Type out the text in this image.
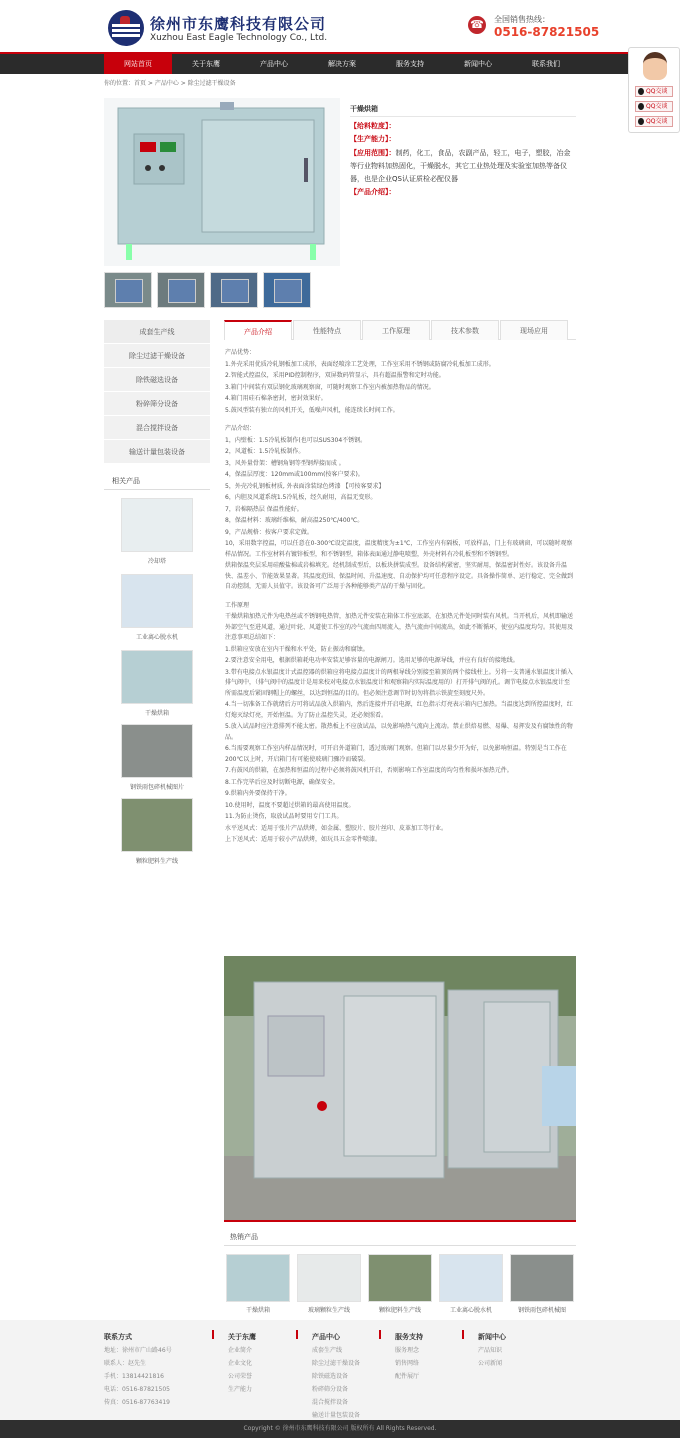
徐州市东鹰科技有限公司
Xuzhou East Eagle Technology Co., Ltd.
☎ 全国销售热线：
0516-87821505
网站首页	关于东鹰	产品中心	解决方案	服务支持	新闻中心	联系我们
QQ交谈
QQ交谈
QQ交谈
你的位置：首页 > 产品中心 > 除尘过滤干燥设备
干燥烘箱
【给料粒度】：
【生产能力】：
【应用范围】：制药，化工，食品，农副产品，轻工，电子，塑胶，冶金等行业物料加热固化，干燥脱水，其它工业热处理及实验室加热等备仪器，也是企业QS认证质检必配仪器
【产品介绍】：
成套生产线
除尘过滤干燥设备
除铁磁选设备
粉碎筛分设备
混合搅拌设备
输送计量包装设备
相关产品
冷却塔
工业离心脱水机
干燥烘箱
钢铁雨包碎机械图片
颗粒肥料生产线
产品介绍	性能特点	工作原理	技术参数	现场应用

产品优势：

1.外壳采用优质冷轧钢板加工成形，表面经喷涂工艺处理，工作室采用不锈钢或防腐冷轧板加工成形。

2.智能式控温仪，采用PID控制程序，双屏数码管显示，具有超温报警和定时功能。

3.箱门中间装有双层钢化玻璃观察窗，可随时观察工作室内被加热物品的情况。

4.箱门用硅石棉条密封，密封效果好。

5.鼓风型装有独立的风机开关，低噪声风机，能连续长时间工作。

产品介绍：

1，内壁板：1.5冷轧板制作(也可以SUS304不锈钢。

2，风道板：1.5冷轧板制作。

3，风外量骨架：槽钢角钢等型钢焊接而成 。

4，保温层厚度：120mm或100mm(按客户要求)。

5，外壳冷轧钢板材质, 外表面涂装绿色烤漆 【可按客要求】

6，内胆及风道系统1.5冷轧板，经久耐用，高温无变形。

7，岩棉隔热层 保温性能好。

8，保温材料：玻璃纤维棉，耐高温250℃/400℃。

9，产品规格：按客户要求定做。

10，采用数字控温，可以任意在0-300℃设定温度，温度精度为±1℃，工作室内有隔板，可放样品，门上有玻璃窗，可以随时观察样品情况。工作室材料有镀锌板型，和不锈钢型，箱体表面通过静电喷塑，外壳材料有冷轧板型和不锈钢型。

烘箱保温夹层采用硅酸盐棉或岩棉填充。经机制成型后，以板块拼装成型。设备结构紧密，坚实耐用，保温密封性好。该设备升温快、温差小、节能效果显著。其温度范围、保温时间、升温速度、自动保护均可任意程序设定。具备操作简单、运行稳定、完全做到自动控制，无需人员值守。该设备可广泛用于各种能够类产品的干燥与固化。

工作原理

干燥烘箱加热元件为电热丝或不锈钢电热管，加热元件安装在箱体工作室底部，在加热元件处同时装有风机。当开机后，风机即输送外部空气至进风道，通过叶轮、风道使工作室的冷气流由四周流入，热气流由中间流出，如此不断循环，使室内温度均匀。其使用及注意事项总结如下：

1.烘箱应安放在室内干燥和水平处，防止振动和腐蚀。

2.要注意安全用电，根据烘箱耗电功率安装足够容量的电源闸刀。选用足够的电源导线，并应有良好的接地线。

3.带有电接点水银温度计式温控器的烘箱应将电接点温度计的两根导线分别接至箱顶的两个接线柱上。另将一支普通水银温度计插入排气阀中，（排气阀中的温度计是用来校对电接点水银温度计和观察箱内实际温度用的）打开排气阀的孔。调节电接点水银温度计至所需温度后紧固钢帽上的螺丝，以达到恒温的目的。但必须注意调节时切勿将指示铁旋至刻度尺外。

4.当一切准备工作就绪后方可将试品放入烘箱内，然后连接并开启电源，红色指示灯亮表示箱内已加热。当温度达到所控温度时，红灯熄灭绿灯亮，开始恒温。为了防止温控失灵，还必须照看。

5.放入试品时应注意排列不能太密。散热板上不应放试品，以免影响热气流向上流动。禁止烘焙易燃、易爆、易挥发及有腐蚀性的物品。

6.当需要观察工作室内样品情况时，可开启外道箱门，透过玻璃门观察。但箱门以尽量少开为好，以免影响恒温。特别是当工作在200℃以上时，开启箱门有可能使玻璃门骤冷而破裂。

7.有鼓风的烘箱，在加热和恒温的过程中必须将鼓风机开启，否则影响工作室温度的均匀性和损坏加热元件。

8.工作完毕后应及时切断电源，确保安全。

9.烘箱内外要保持干净。

10.使用时，温度不要超过烘箱的最高使用温度。

11.为防止烫伤，取放试品时要用专门工具。

水平送风式：适用于张片产品烘烤，如金属、塑胶片、胶片丝印、皮革加工等行业。

上下送风式：适用于较小产品烘烤，如玩具五金零件喷漆。

热销产品
干燥烘箱	玻璃颗粒生产线	颗粒肥料生产线	工业离心脱水机	钢铁雨包碎机械图
联系方式
地址：徐州市广山路46号
联系人：赵先生
手机：13814421816
电话：0516-87821505
传真：0516-87763419
关于东鹰
企业简介
企业文化
公司荣誉
生产能力
产品中心
成套生产线
除尘过滤干燥设备
除铁磁选设备
粉碎筛分设备
混合搅拌设备
输送计量包装设备
服务支持
服务理念
销售网络
配件展厅
新闻中心
产品知识
公司新闻
Copyright © 徐州市东鹰科技有限公司 版权所有 All Rights Reserved.
